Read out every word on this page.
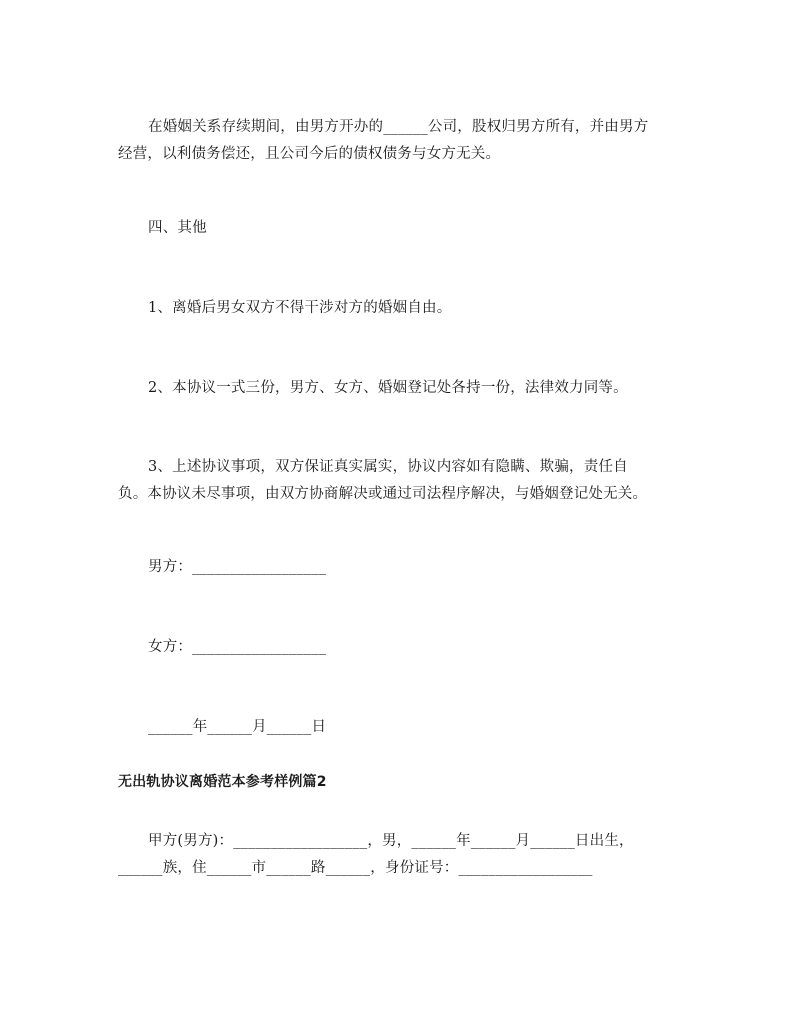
在婚姻关系存续期间，由男方开办的______公司，股权归男方所有，并由男方
经营，以利债务偿还，且公司今后的债权债务与女方无关。
四、其他
1、离婚后男女双方不得干涉对方的婚姻自由。
2、本协议一式三份，男方、女方、婚姻登记处各持一份，法律效力同等。
3、上述协议事项，双方保证真实属实，协议内容如有隐瞒、欺骗，责任自
负。本协议未尽事项，由双方协商解决或通过司法程序解决，与婚姻登记处无关。
男方：__________________
女方：__________________
______年______月______日
无出轨协议离婚范本参考样例篇2
甲方(男方)：__________________，男，______年______月______日出生，
______族，住______市______路______，身份证号：__________________
